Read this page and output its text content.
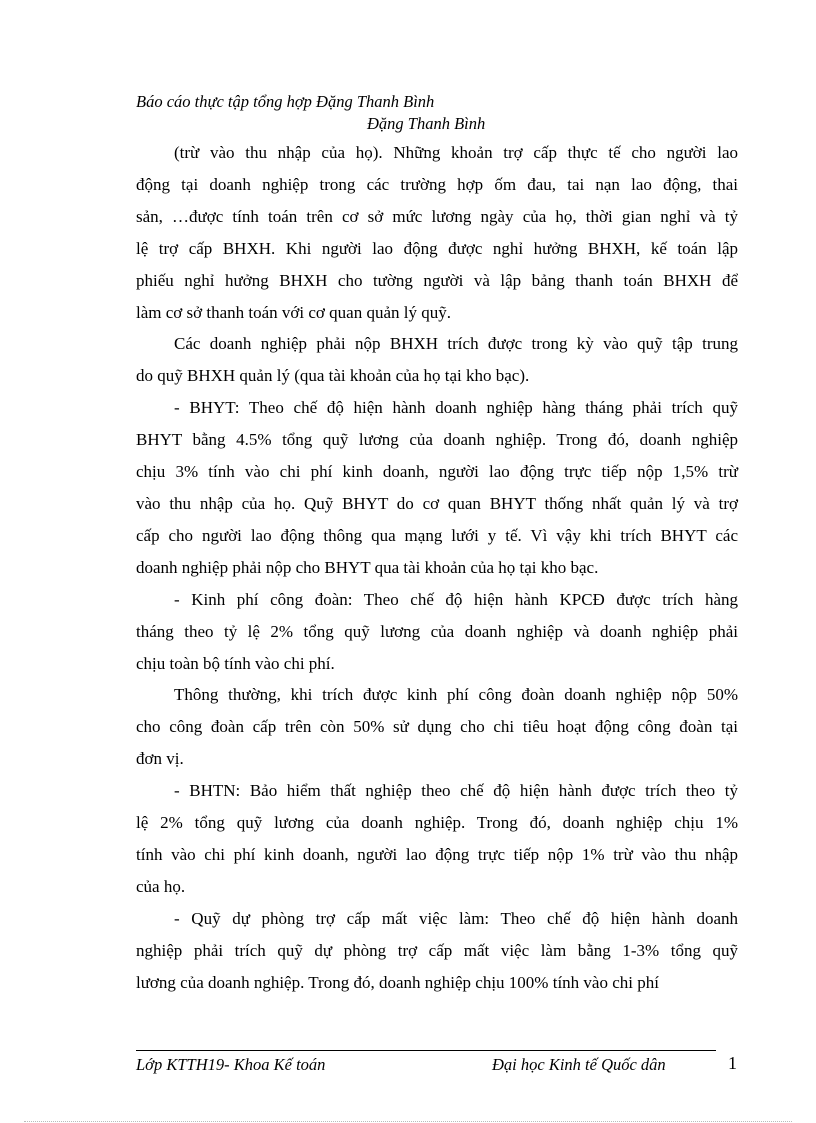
Báo cáo thực tập tổng hợp Đặng Thanh Bình
Đặng Thanh Bình

(trừ vào thu nhập của họ). Những khoản trợ cấp thực tế cho người lao
động tại doanh nghiệp trong các trường hợp ốm đau, tai nạn lao động, thai
sản, …được tính toán trên cơ sở mức lương ngày của họ, thời gian nghỉ và tỷ
lệ trợ cấp BHXH. Khi người lao động được nghỉ hưởng BHXH, kế toán lập
phiếu nghỉ hưởng BHXH cho tường người và lập bảng thanh toán BHXH để
làm cơ sở thanh toán với cơ quan quản lý quỹ.

Các doanh nghiệp phải nộp BHXH trích được trong kỳ vào quỹ tập trung
do quỹ BHXH quản lý (qua tài khoản của họ tại kho bạc).

- BHYT: Theo chế độ hiện hành doanh nghiệp hàng tháng phải trích quỹ
BHYT bằng 4.5% tổng quỹ lương của doanh nghiệp. Trong đó, doanh nghiệp
chịu 3% tính vào chi phí kinh doanh, người lao động trực tiếp nộp 1,5% trừ
vào thu nhập của họ. Quỹ BHYT do cơ quan BHYT thống nhất quản lý và trợ
cấp cho người lao động thông qua mạng lưới y tế. Vì vậy khi trích BHYT các
doanh nghiệp phải nộp cho BHYT qua tài khoản của họ tại kho bạc.

- Kinh phí công đoàn: Theo chế độ hiện hành KPCĐ được trích hàng
tháng theo tỷ lệ 2% tổng quỹ lương của doanh nghiệp và doanh nghiệp phải
chịu toàn bộ tính vào chi phí.

Thông thường, khi trích được kinh phí công đoàn doanh nghiệp nộp 50%
cho công đoàn cấp trên còn 50% sử dụng cho chi tiêu hoạt động công đoàn tại
đơn vị.

- BHTN: Bảo hiểm thất nghiệp theo chế độ hiện hành được trích theo tỷ
lệ 2% tổng quỹ lương của doanh nghiệp. Trong đó, doanh nghiệp chịu 1%
tính vào chi phí kinh doanh, người lao động trực tiếp nộp 1% trừ vào thu nhập
của họ.

- Quỹ dự phòng trợ cấp mất việc làm: Theo chế độ hiện hành doanh
nghiệp phải trích quỹ dự phòng trợ cấp mất việc làm bằng 1-3% tổng quỹ
lương của doanh nghiệp. Trong đó, doanh nghiệp chịu 100% tính vào chi phí

Lớp KTTH19- Khoa Kế toán	Đại học Kinh tế Quốc dân	1
